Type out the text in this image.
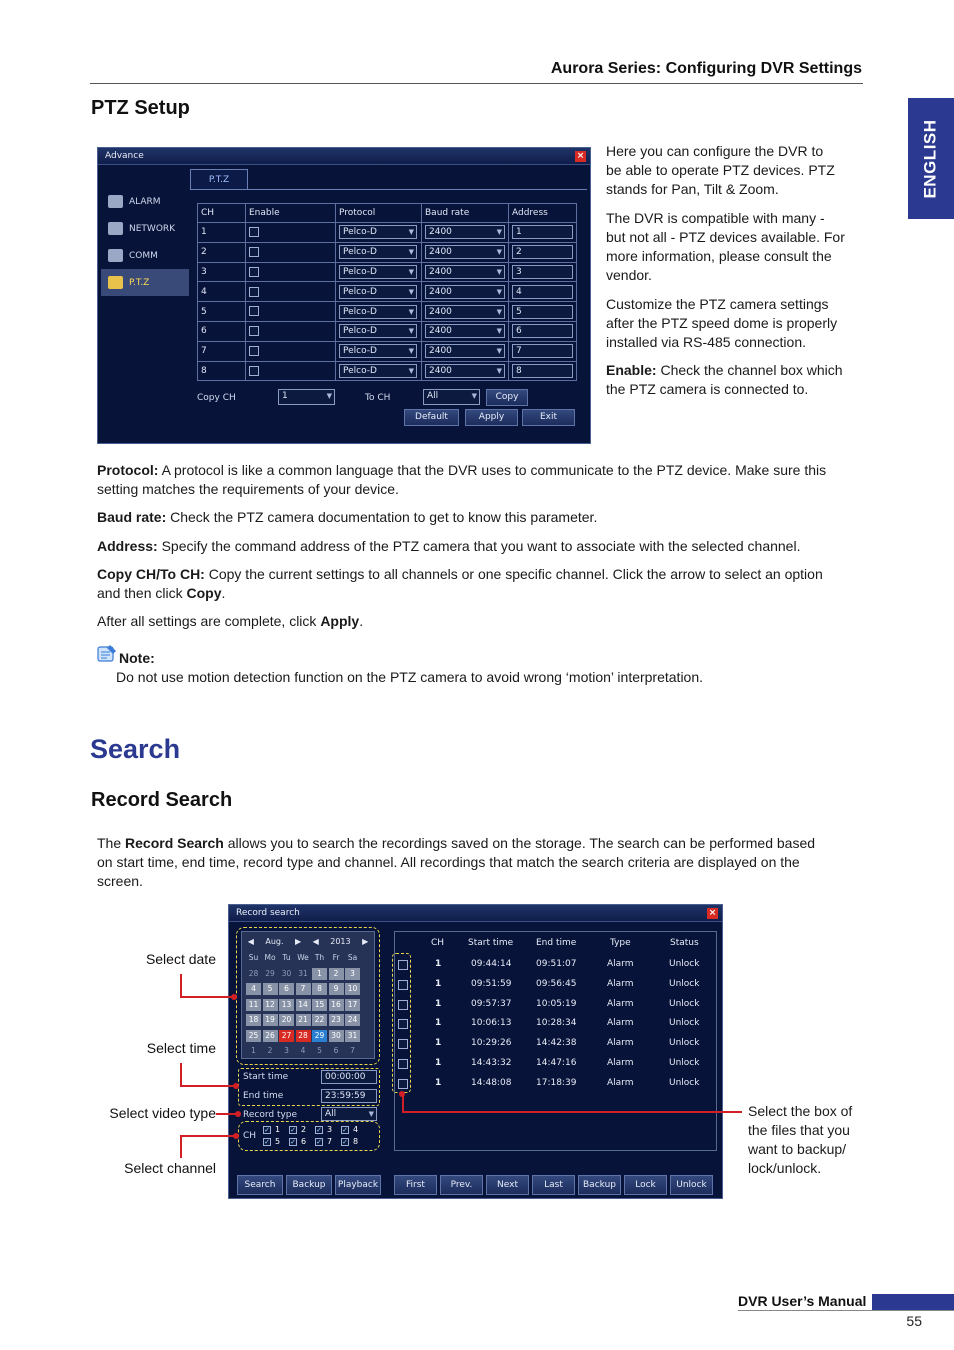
Aurora Series: Configuring DVR Settings
ENGLISH
PTZ Setup
Advance	×
ALARM
NETWORK
COMM
P.T.Z
P.T.Z
CH	Enable	Protocol	Baud rate	Address
1		Pelco-D ▼	2400 ▼	1
2		Pelco-D ▼	2400 ▼	2
3		Pelco-D ▼	2400 ▼	3
4		Pelco-D ▼	2400 ▼	4
5		Pelco-D ▼	2400 ▼	5
6		Pelco-D ▼	2400 ▼	6
7		Pelco-D ▼	2400 ▼	7
8		Pelco-D ▼	2400 ▼	8
Copy CH	1 ▼	To CH	All ▼	Copy
Default	Apply	Exit
Here you can configure the DVR to
be able to operate PTZ devices. PTZ
stands for Pan, Tilt & Zoom.
The DVR is compatible with many -
but not all - PTZ devices available. For
more information, please consult the
vendor.
Customize the PTZ camera settings
after the PTZ speed dome is properly
installed via RS-485 connection.
Enable: Check the channel box which
the PTZ camera is connected to.
Protocol: A protocol is like a common language that the DVR uses to communicate to the PTZ device. Make sure this
setting matches the requirements of your device.
Baud rate: Check the PTZ camera documentation to get to know this parameter.
Address: Specify the command address of the PTZ camera that you want to associate with the selected channel.
Copy CH/To CH: Copy the current settings to all channels or one specific channel. Click the arrow to select an option
and then click Copy.
After all settings are complete, click Apply.
Note:
Do not use motion detection function on the PTZ camera to avoid wrong ‘motion’ interpretation.
Search
Record Search
The Record Search allows you to search the recordings saved on the storage. The search can be performed based
on start time, end time, record type and channel. All recordings that match the search criteria are displayed on the
screen.
Record search	×
◀ Aug. ▶ ◀ 2013 ▶
Su Mo Tu We Th	Fr	Sa
28 29 30 31	1	2	3
4	5	6	7	8	9	10
11 12 13 14 15 16 17
18 19 20 21 22 23 24
25 26 27 28 29 30 31
1	2	3	4	5	6	7
Start time	00:00:00
End time	23:59:59
Record type	All ▼
CH
✓ 1 ✓ 2 ✓ 3 ✓ 4
✓ 5 ✓ 6 ✓ 7 ✓ 8
CH	Start time	End time	Type	Status
1	09:44:14	09:51:07	Alarm	Unlock
1	09:51:59	09:56:45	Alarm	Unlock
1	09:57:37	10:05:19	Alarm	Unlock
1	10:06:13	10:28:34	Alarm	Unlock
1	10:29:26	14:42:38	Alarm	Unlock
1	14:43:32	14:47:16	Alarm	Unlock
1	14:48:08	17:18:39	Alarm	Unlock
Search	Backup	Playback	First	Prev.	Next	Last	Backup	Lock	Unlock
Select date
Select time
Select video type
Select channel
Select the box of
the files that you
want to backup/
lock/unlock.
DVR User’s Manual
55
